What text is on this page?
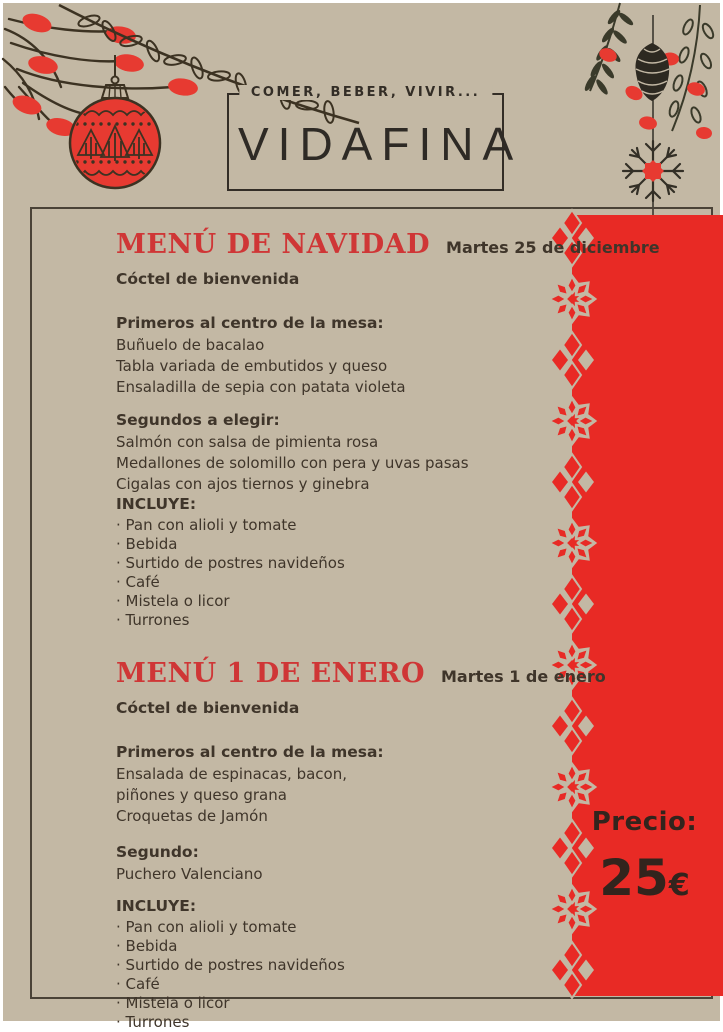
COMER, BEBER, VIVIR...
VIDAFINA
Precio:
25€
MENÚ DE NAVIDAD Martes 25 de diciembre
Cóctel de bienvenida
Primeros al centro de la mesa:
Buñuelo de bacalao
Tabla variada de embutidos y queso
Ensaladilla de sepia con patata violeta
Segundos a elegir:
Salmón con salsa de pimienta rosa
Medallones de solomillo con pera y uvas pasas
Cigalas con ajos tiernos y ginebra
INCLUYE:
· Pan con alioli y tomate
· Bebida
· Surtido de postres navideños
· Café
· Mistela o licor
· Turrones
MENÚ 1 DE ENERO Martes 1 de enero
Cóctel de bienvenida
Primeros al centro de la mesa:
Ensalada de espinacas, bacon,
piñones y queso grana
Croquetas de Jamón
Segundo:
Puchero Valenciano
INCLUYE:
· Pan con alioli y tomate
· Bebida
· Surtido de postres navideños
· Café
· Mistela o licor
· Turrones
